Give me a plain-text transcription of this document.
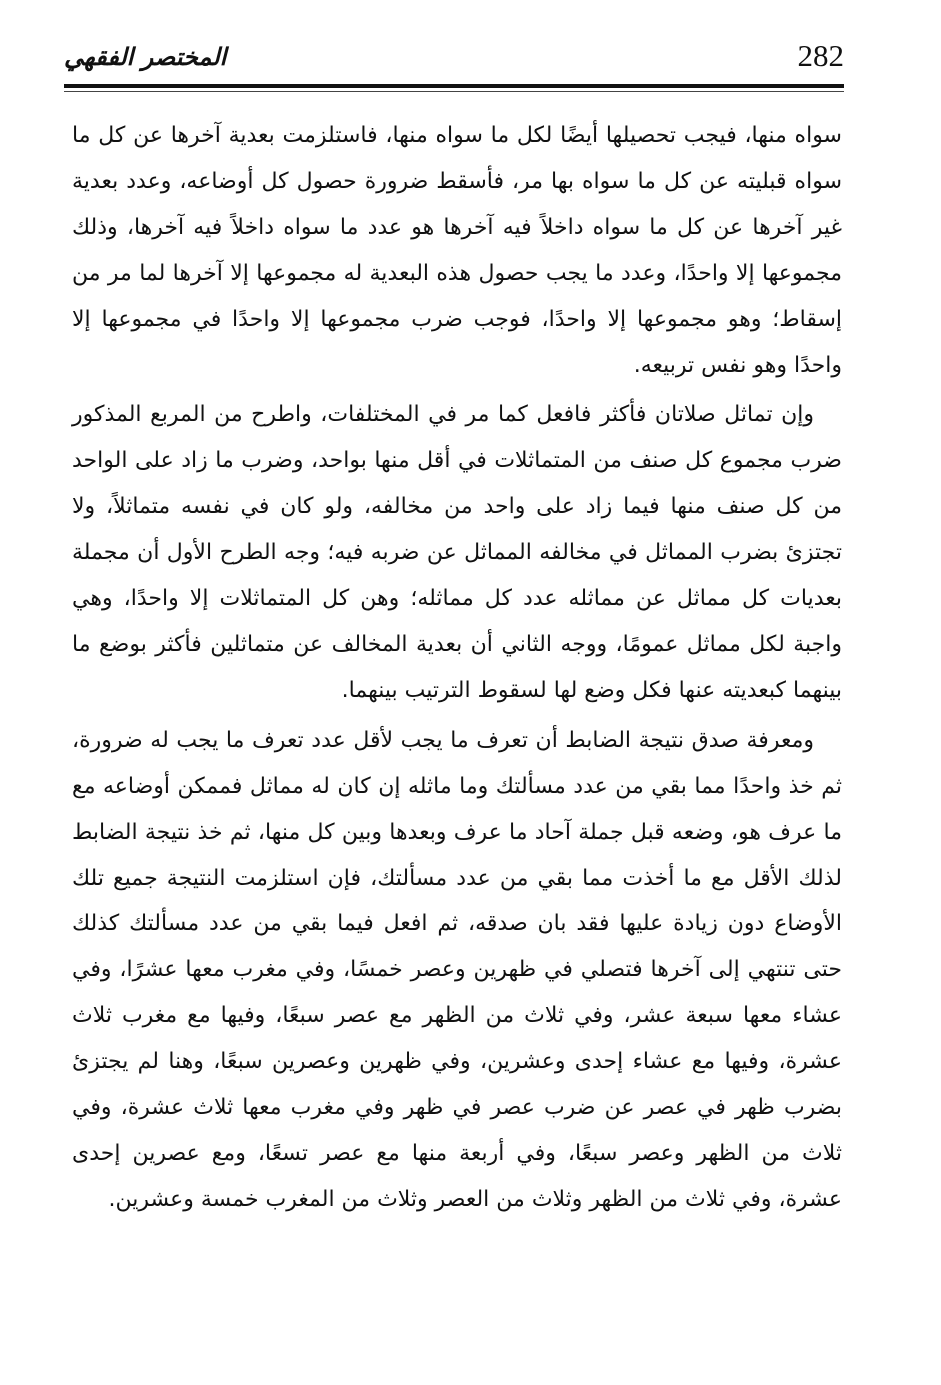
المختصر الفقهي	282

سواه منها، فيجب تحصيلها أيضًا لكل ما سواه منها، فاستلزمت بعدية آخرها عن كل ما سواه قبليته عن كل ما سواه بها مر، فأسقط ضرورة حصول كل أوضاعه، وعدد بعدية غير آخرها عن كل ما سواه داخلاً فيه آخرها هو عدد ما سواه داخلاً فيه آخرها، وذلك مجموعها إلا واحدًا، وعدد ما يجب حصول هذه البعدية له مجموعها إلا آخرها لما مر من إسقاط؛ وهو مجموعها إلا واحدًا، فوجب ضرب مجموعها إلا واحدًا في مجموعها إلا واحدًا وهو نفس تربيعه.

وإن تماثل صلاتان فأكثر فافعل كما مر في المختلفات، واطرح من المربع المذكور ضرب مجموع كل صنف من المتماثلات في أقل منها بواحد، وضرب ما زاد على الواحد من كل صنف منها فيما زاد على واحد من مخالفه، ولو كان في نفسه متماثلاً، ولا تجتزئ بضرب المماثل في مخالفه المماثل عن ضربه فيه؛ وجه الطرح الأول أن مجملة بعديات كل مماثل عن مماثله عدد كل مماثله؛ وهن كل المتماثلات إلا واحدًا، وهي واجبة لكل مماثل عمومًا، ووجه الثاني أن بعدية المخالف عن متماثلين فأكثر بوضع ما بينهما كبعديته عنها فكل وضع لها لسقوط الترتيب بينهما.

ومعرفة صدق نتيجة الضابط أن تعرف ما يجب لأقل عدد تعرف ما يجب له ضرورة، ثم خذ واحدًا مما بقي من عدد مسألتك وما ماثله إن كان له مماثل فممكن أوضاعه مع ما عرف هو، وضعه قبل جملة آحاد ما عرف وبعدها وبين كل منها، ثم خذ نتيجة الضابط لذلك الأقل مع ما أخذت مما بقي من عدد مسألتك، فإن استلزمت النتيجة جميع تلك الأوضاع دون زيادة عليها فقد بان صدقه، ثم افعل فيما بقي من عدد مسألتك كذلك حتى تنتهي إلى آخرها فتصلي في ظهرين وعصر خمسًا، وفي مغرب معها عشرًا، وفي عشاء معها سبعة عشر، وفي ثلاث من الظهر مع عصر سبعًا، وفيها مع مغرب ثلاث عشرة، وفيها مع عشاء إحدى وعشرين، وفي ظهرين وعصرين سبعًا، وهنا لم يجتزئ بضرب ظهر في عصر عن ضرب عصر في ظهر وفي مغرب معها ثلاث عشرة، وفي ثلاث من الظهر وعصر سبعًا، وفي أربعة منها مع عصر تسعًا، ومع عصرين إحدى عشرة، وفي ثلاث من الظهر وثلاث من العصر وثلاث من المغرب خمسة وعشرين.
